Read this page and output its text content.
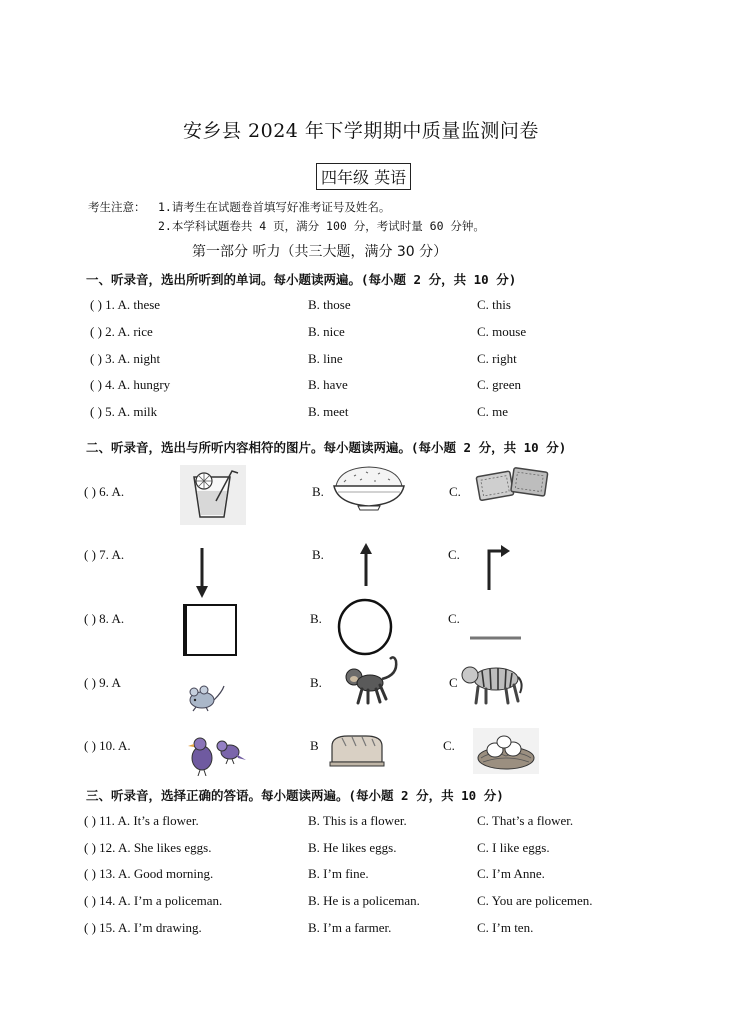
安乡县 2024 年下学期期中质量监测问卷
四年级 英语
考生注意： 1.请考生在试题卷首填写好准考证号及姓名。
2.本学科试题卷共 4 页，满分 100 分，考试时量 60 分钟。
第一部分 听力（共三大题，满分 30 分）
一、听录音，选出所听到的单词。每小题读两遍。(每小题 2 分，共 10 分)
( ) 1. A. these	B. those	C. this
( ) 2. A. rice	B. nice	C. mouse
( ) 3. A. night	B. line	C. right
( ) 4. A. hungry	B. have	C. green
( ) 5. A. milk	B. meet	C. me
二、听录音，选出与所听内容相符的图片。每小题读两遍。(每小题 2 分，共 10 分)
( ) 6. A.	B.	C.
( ) 7. A.	B.	C.
( ) 8. A.	B.	C.
( ) 9. A	B.	C
( ) 10. A.	B	C.
三、听录音，选择正确的答语。每小题读两遍。(每小题 2 分，共 10 分)
( ) 11. A. It’s a flower.	B. This is a flower.	C. That’s a flower.
( ) 12. A. She likes eggs.	B. He likes eggs.	C. I like eggs.
( ) 13. A. Good morning.	B. I’m fine.	C. I’m Anne.
( ) 14. A. I’m a policeman.	B. He is a policeman.	C. You are policemen.
( ) 15. A. I’m drawing.	B. I’m a farmer.	C. I’m ten.
